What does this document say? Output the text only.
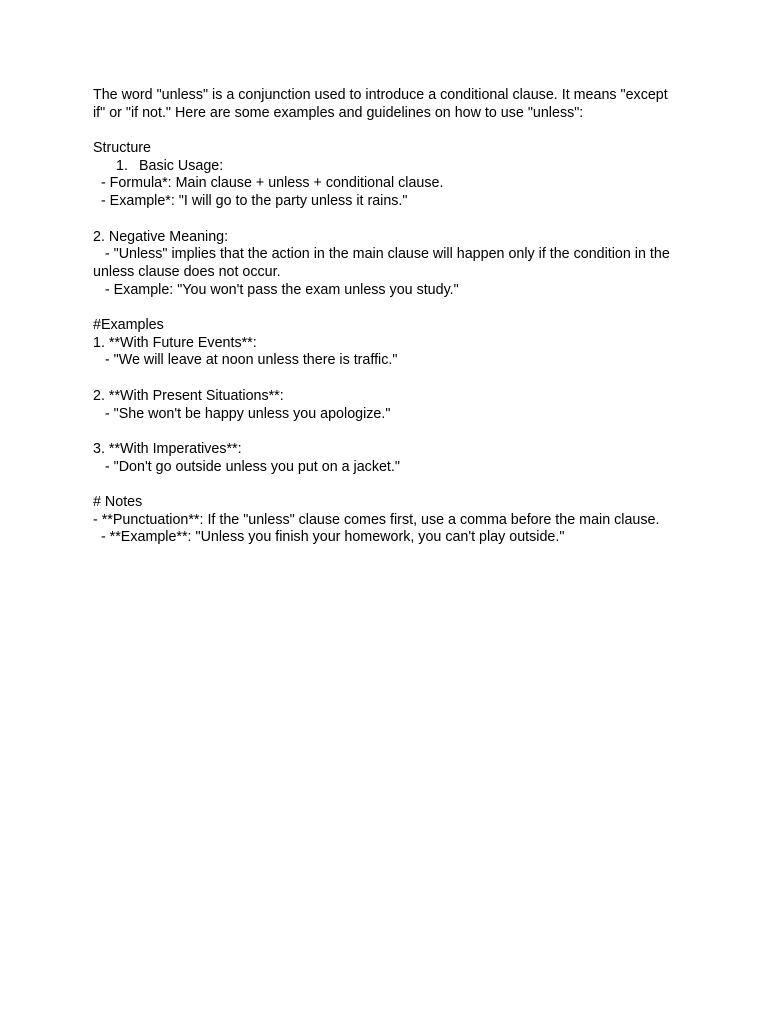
The word "unless" is a conjunction used to introduce a conditional clause. It means "except if" or "if not." Here are some examples and guidelines on how to use "unless":
Structure
1. Basic Usage:
- Formula*: Main clause + unless + conditional clause.
- Example*: "I will go to the party unless it rains."
2. Negative Meaning:
- "Unless" implies that the action in the main clause will happen only if the condition in the unless clause does not occur.
- Example: "You won't pass the exam unless you study."
#Examples
1. **With Future Events**:
- "We will leave at noon unless there is traffic."
2. **With Present Situations**:
- "She won't be happy unless you apologize."
3. **With Imperatives**:
- "Don't go outside unless you put on a jacket."
# Notes
- **Punctuation**: If the "unless" clause comes first, use a comma before the main clause.
- **Example**: "Unless you finish your homework, you can't play outside."
